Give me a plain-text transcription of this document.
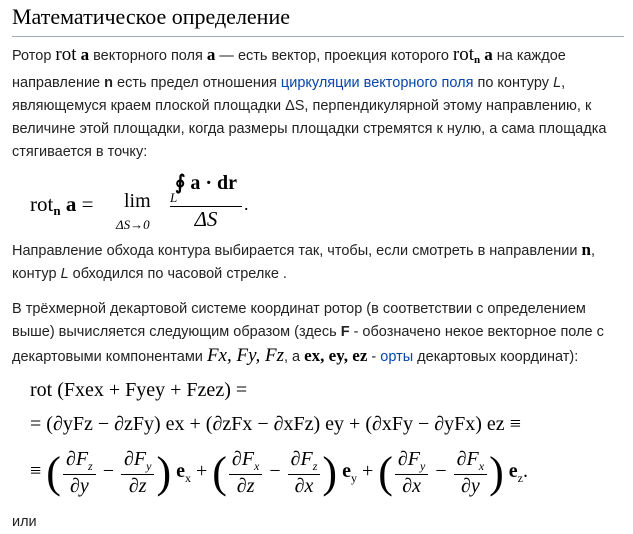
Математическое определение

Ротор rot a векторного поля a — есть вектор, проекция которого rot$_n$ a на каждое направление n есть предел отношения циркуляции векторного поля по контуру L, являющемуся краем плоской площадки ΔS, перпендикулярной этому направлению, к величине этой площадки, когда размеры площадки стремятся к нулю, а сама площадка стягивается в точку:

rot$_n$ a = lim
ΔS→0
∮ a · dr
ΔS
L	.

Направление обхода контура выбирается так, чтобы, если смотреть в направлении n, контур L обходился по часовой стрелке .

В трёхмерной декартовой системе координат ротор (в соответствии с определением выше) вычисляется следующим образом (здесь F - обозначено некое векторное поле с декартовыми компонентами Fx, Fy, Fz, а ex, ey, ez - орты декартовых координат):

rot (Fxex + Fyey + Fzez) =
= (∂yFz − ∂zFy) ex + (∂zFx − ∂xFz) ey + (∂xFy − ∂yFx) ez ≡
≡ ( $\frac{\partial F_z}{\partial y} - \frac{\partial F_y}{\partial z}$ ) $e_x$ + ( $\frac{\partial F_x}{\partial z} - \frac{\partial F_z}{\partial x}$ ) $e_y$ + ( $\frac{\partial F_y}{\partial x} - \frac{\partial F_x}{\partial y}$ ) $e_z$.

или
